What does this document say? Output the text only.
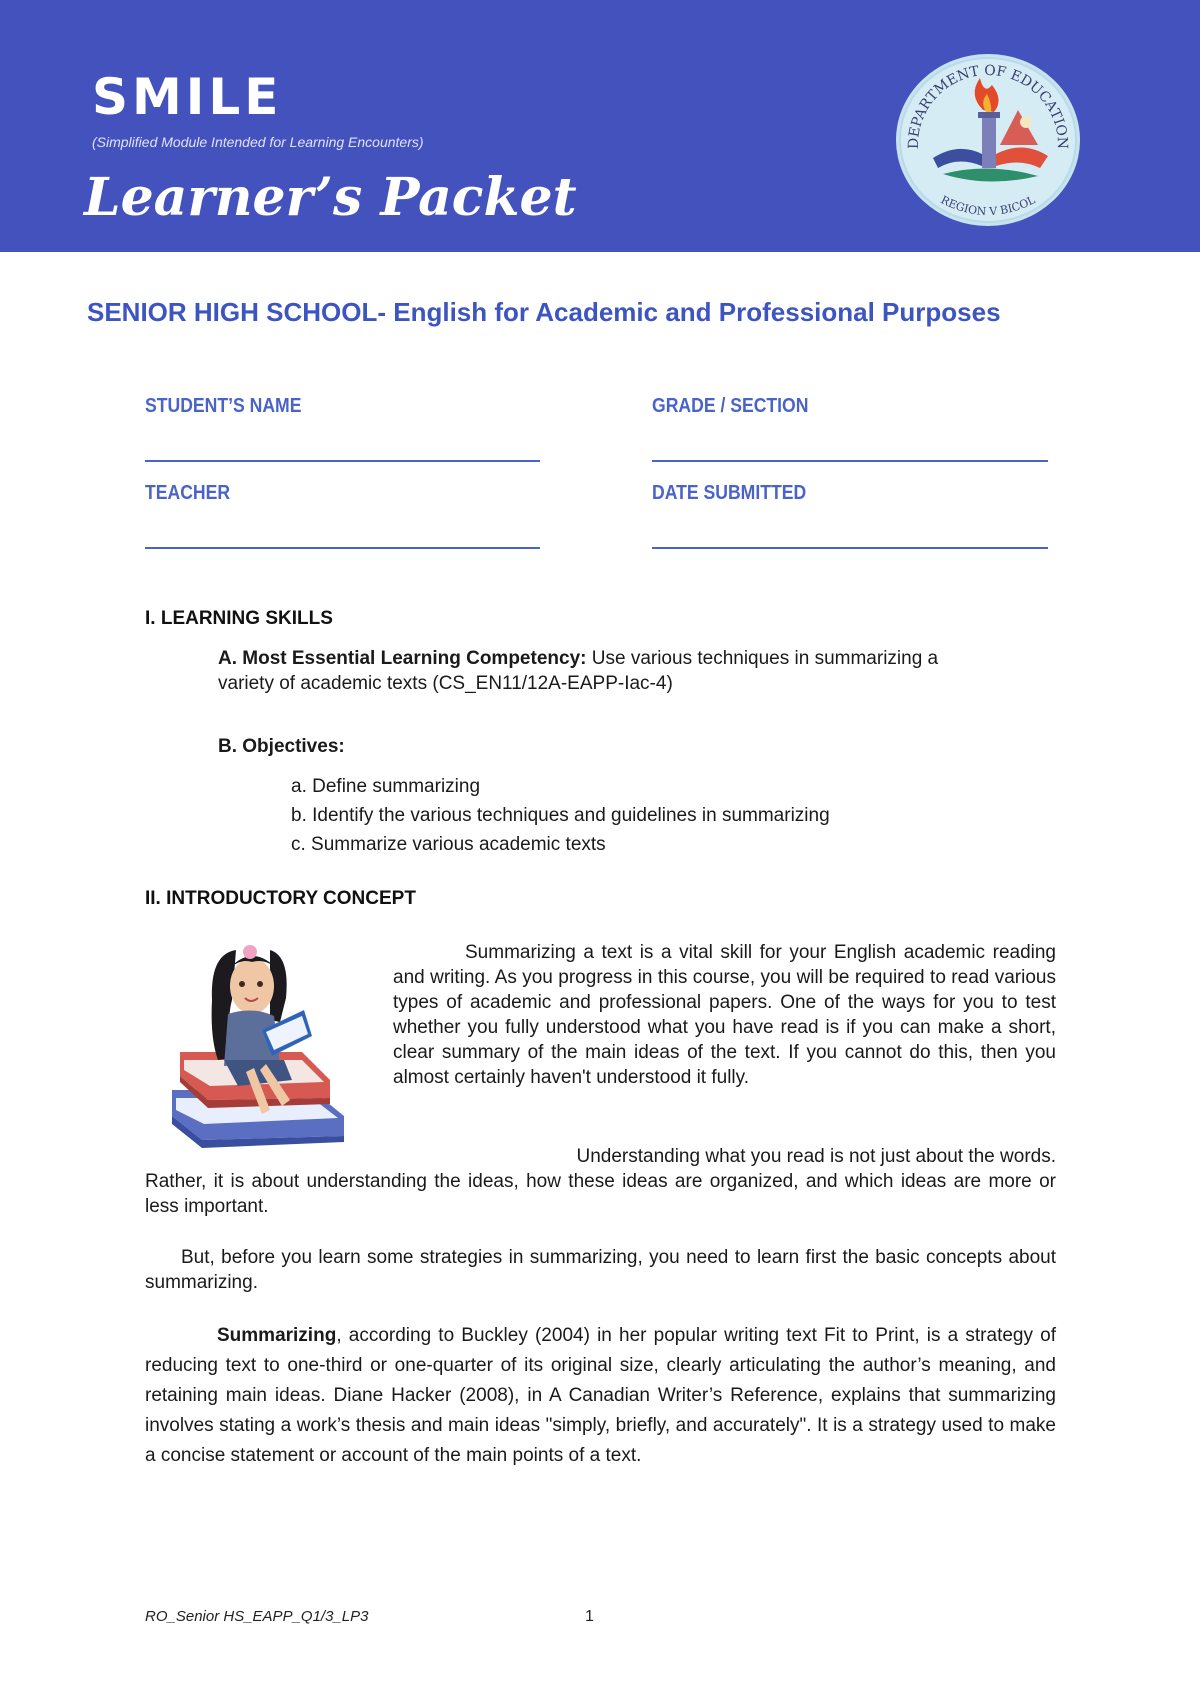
SMILE
(Simplified Module Intended for Learning Encounters)
Learner’s Packet
DEPARTMENT OF EDUCATION
REGION V BICOL
SENIOR HIGH SCHOOL- English for Academic and Professional Purposes
STUDENT’S NAME	GRADE / SECTION
TEACHER	DATE SUBMITTED
I. LEARNING SKILLS
A. Most Essential Learning Competency: Use various techniques in summarizing a
variety of academic texts (CS_EN11/12A-EAPP-Iac-4)
B. Objectives:
a. Define summarizing
b. Identify the various techniques and guidelines in summarizing
c. Summarize various academic texts
II. INTRODUCTORY CONCEPT
Summarizing a text is a vital skill for your English academic reading and writing. As you progress in this course, you will be required to read various types of academic and professional papers. One of the ways for you to test whether you fully understood what you have read is if you can make a short, clear summary of the main ideas of the text. If you cannot do this, then you almost certainly haven't understood it fully.
Understanding what you read is not just about the words.
Rather, it is about understanding the ideas, how these ideas are organized, and which ideas are more or less important.
But, before you learn some strategies in summarizing, you need to learn first the basic concepts about summarizing.
Summarizing, according to Buckley (2004) in her popular writing text Fit to Print, is a strategy of reducing text to one-third or one-quarter of its original size, clearly articulating the author’s meaning, and retaining main ideas. Diane Hacker (2008), in A Canadian Writer’s Reference, explains that summarizing involves stating a work’s thesis and main ideas "simply, briefly, and accurately". It is a strategy used to make a concise statement or account of the main points of a text.
RO_Senior HS_EAPP_Q1/3_LP3	1
